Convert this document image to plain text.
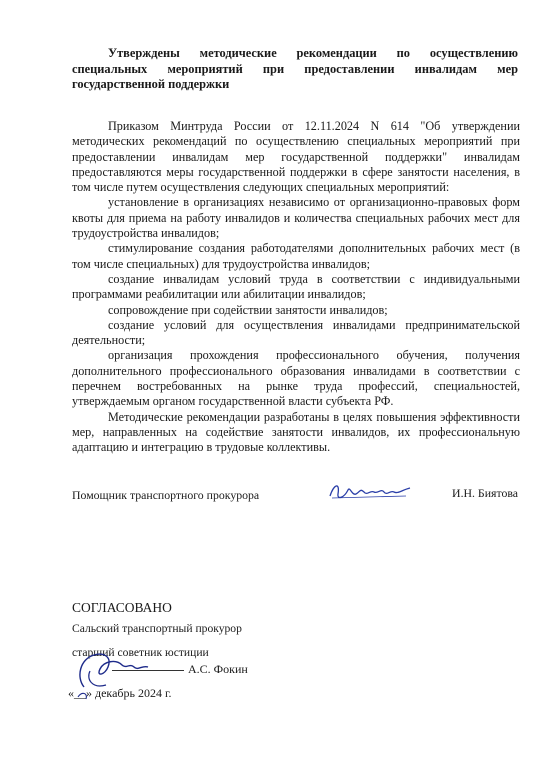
Утверждены методические рекомендации по осуществлению специальных мероприятий при предоставлении инвалидам мер государственной поддержки

Приказом Минтруда России от 12.11.2024 N 614 "Об утверждении методических рекомендаций по осуществлению специальных мероприятий при предоставлении инвалидам мер государственной поддержки" инвалидам предоставляются меры государственной поддержки в сфере занятости населения, в том числе путем осуществления следующих специальных мероприятий:

установление в организациях независимо от организационно-правовых форм квоты для приема на работу инвалидов и количества специальных рабочих мест для трудоустройства инвалидов;

стимулирование создания работодателями дополнительных рабочих мест (в том числе специальных) для трудоустройства инвалидов;

создание инвалидам условий труда в соответствии с индивидуальными программами реабилитации или абилитации инвалидов;

сопровождение при содействии занятости инвалидов;

создание условий для осуществления инвалидами предпринимательской деятельности;

организация прохождения профессионального обучения, получения дополнительного профессионального образования инвалидами в соответствии с перечнем востребованных на рынке труда профессий, специальностей, утверждаемым органом государственной власти субъекта РФ.

Методические рекомендации разработаны в целях повышения эффективности мер, направленных на содействие занятости инвалидов, их профессиональную адаптацию и интеграцию в трудовые коллективы.

Помощник транспортного прокурора	И.Н. Биятова
СОГЛАСОВАНО
Сальский транспортный прокурор
старший советник юстиции
А.С. Фокин
«__» декабрь 2024 г.
